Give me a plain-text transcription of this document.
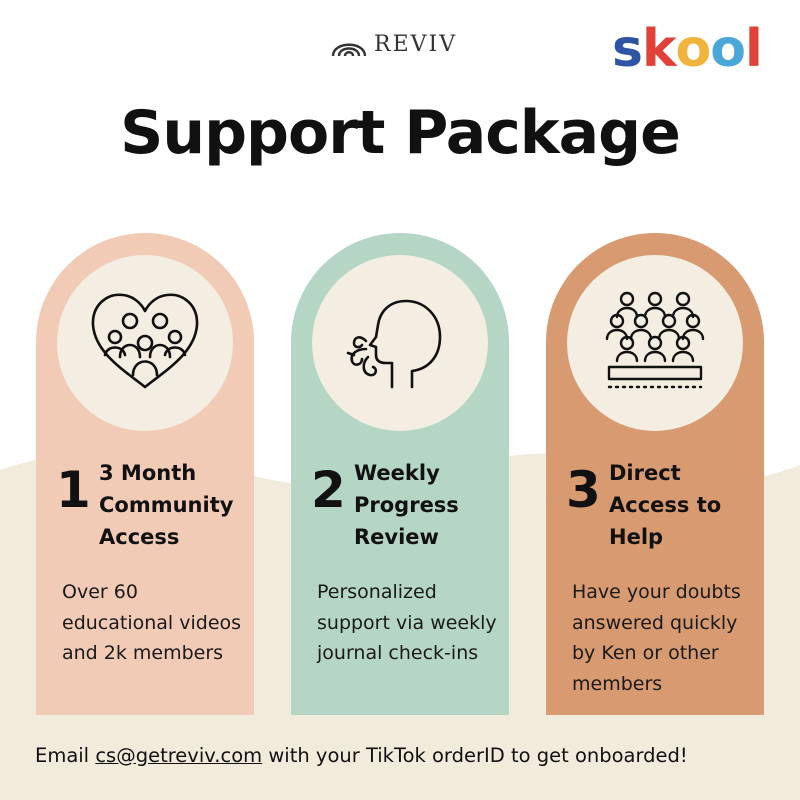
REVIV	skool
Support Package
1 3 Month Community Access
Over 60 educational videos and 2k members
2 Weekly Progress Review
Personalized support via weekly journal check-ins
3 Direct Access to Help
Have your doubts answered quickly by Ken or other members
Email cs@getreviv.com with your TikTok orderID to get onboarded!
